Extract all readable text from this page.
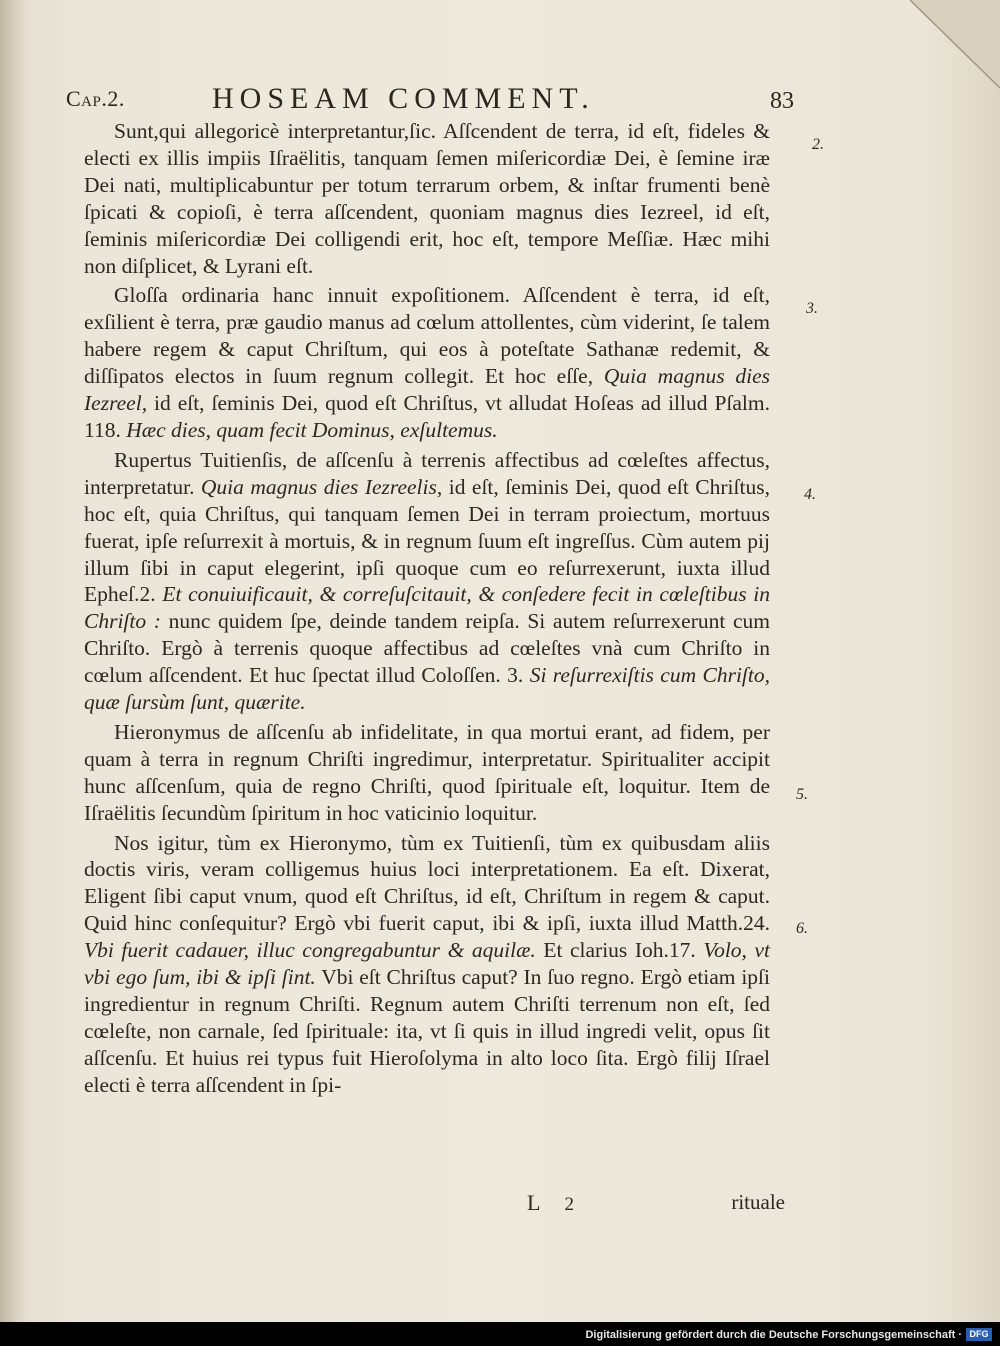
Cap.2.	HOSEAM COMMENT.	83

Sunt,qui allegoricè interpretantur,ſic. Aſſcendent de terra, id eſt, fideles & electi ex illis impiis Iſraëlitis, tanquam ſemen miſericordiæ Dei, è ſemine iræ Dei nati, multiplicabuntur per totum terrarum orbem, & inſtar frumenti benè ſpicati & copioſi, è terra aſſcendent, quoniam magnus dies Iezreel, id eſt, ſeminis miſericordiæ Dei colligendi erit, hoc eſt, tempore Meſſiæ. Hæc mihi non diſplicet, & Lyrani eſt.

Gloſſa ordinaria hanc innuit expoſitionem. Aſſcendent è terra, id eſt, exſilient è terra, præ gaudio manus ad cœlum attollentes, cùm viderint, ſe talem habere regem & caput Chriſtum, qui eos à poteſtate Sathanæ redemit, & diſſipatos electos in ſuum regnum collegit. Et hoc eſſe, Quia magnus dies Iezreel, id eſt, ſeminis Dei, quod eſt Chriſtus, vt alludat Hoſeas ad illud Pſalm. 118. Hæc dies, quam fecit Dominus, exſultemus.

Rupertus Tuitienſis, de aſſcenſu à terrenis affectibus ad cœleſtes affectus, interpretatur. Quia magnus dies Iezreelis, id eſt, ſeminis Dei, quod eſt Chriſtus, hoc eſt, quia Chriſtus, qui tanquam ſemen Dei in terram proiectum, mortuus fuerat, ipſe reſurrexit à mortuis, & in regnum ſuum eſt ingreſſus. Cùm autem pij illum ſibi in caput elegerint, ipſi quoque cum eo reſurrexerunt, iuxta illud Epheſ.2. Et conuiuificauit, & correſuſcitauit, & conſedere fecit in cœleſtibus in Chriſto : nunc quidem ſpe, deinde tandem reipſa. Si autem reſurrexerunt cum Chriſto. Ergò à terrenis quoque affectibus ad cœleſtes vnà cum Chriſto in cœlum aſſcendent. Et huc ſpectat illud Coloſſen. 3. Si reſurrexiſtis cum Chriſto, quæ ſursùm ſunt, quærite.

Hieronymus de aſſcenſu ab infidelitate, in qua mortui erant, ad fidem, per quam à terra in regnum Chriſti ingredimur, interpretatur. Spiritualiter accipit hunc aſſcenſum, quia de regno Chriſti, quod ſpirituale eſt, loquitur. Item de Iſraëlitis ſecundùm ſpiritum in hoc vaticinio loquitur.

Nos igitur, tùm ex Hieronymo, tùm ex Tuitienſi, tùm ex quibusdam aliis doctis viris, veram colligemus huius loci interpretationem. Ea eſt. Dixerat, Eligent ſibi caput vnum, quod eſt Chriſtus, id eſt, Chriſtum in regem & caput. Quid hinc conſequitur? Ergò vbi fuerit caput, ibi & ipſi, iuxta illud Matth.24. Vbi fuerit cadauer, illuc congregabuntur & aquilæ. Et clarius Ioh.17. Volo, vt vbi ego ſum, ibi & ipſi ſint. Vbi eſt Chriſtus caput? In ſuo regno. Ergò etiam ipſi ingredientur in regnum Chriſti. Regnum autem Chriſti terrenum non eſt, ſed cœleſte, non carnale, ſed ſpirituale: ita, vt ſi quis in illud ingredi velit, opus ſit aſſcenſu. Et huius rei typus fuit Hieroſolyma in alto loco ſita. Ergò filij Iſrael electi è terra aſſcendent in ſpi-

2.
3.
4.
5.
6.
L 2	rituale
Digitalisierung gefördert durch die Deutsche Forschungsgemeinschaft · DFG
